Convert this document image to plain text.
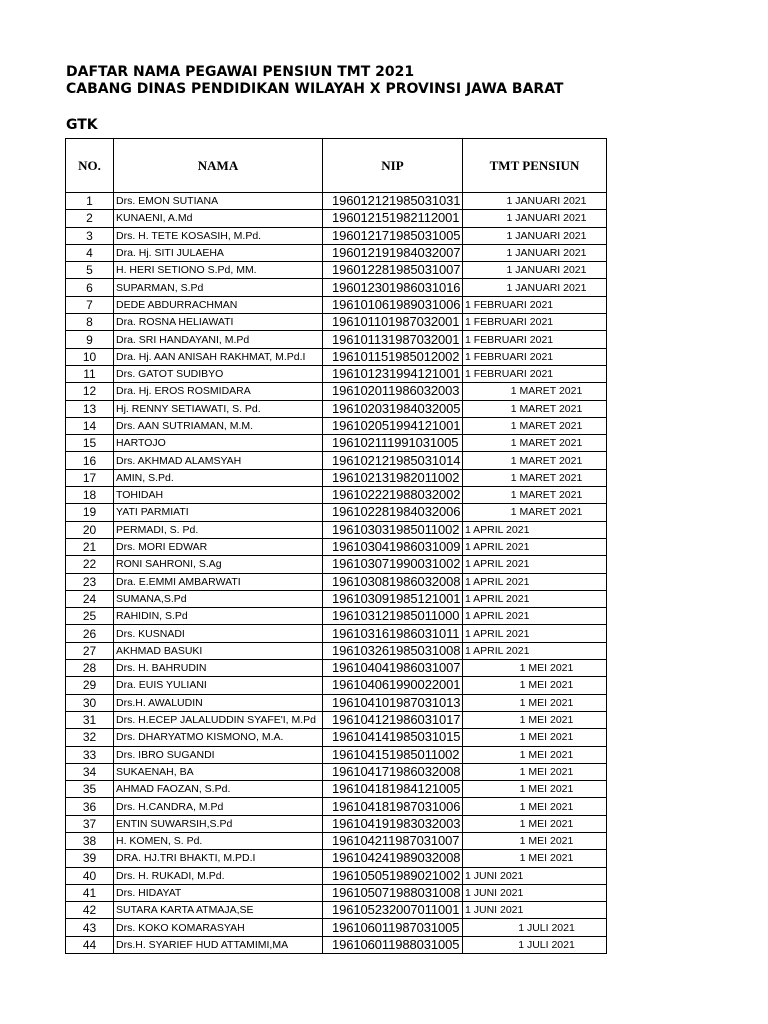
DAFTAR NAMA PEGAWAI PENSIUN TMT 2021
CABANG DINAS PENDIDIKAN WILAYAH X PROVINSI JAWA BARAT
GTK
NO.	NAMA	NIP	TMT PENSIUN
1	Drs. EMON SUTIANA	196012121985031031	1 JANUARI 2021
2	KUNAENI, A.Md	196012151982112001	1 JANUARI 2021
3	Drs. H. TETE KOSASIH, M.Pd.	196012171985031005	1 JANUARI 2021
4	Dra. Hj. SITI JULAEHA	196012191984032007	1 JANUARI 2021
5	H. HERI SETIONO S.Pd, MM.	196012281985031007	1 JANUARI 2021
6	SUPARMAN, S.Pd	196012301986031016	1 JANUARI 2021
7	DEDE ABDURRACHMAN	196101061989031006	1 FEBRUARI 2021
8	Dra. ROSNA HELIAWATI	196101101987032001	1 FEBRUARI 2021
9	Dra. SRI HANDAYANI, M.Pd	196101131987032001	1 FEBRUARI 2021
10	Dra. Hj. AAN ANISAH RAKHMAT, M.Pd.I	196101151985012002	1 FEBRUARI 2021
11	Drs. GATOT SUDIBYO	196101231994121001	1 FEBRUARI 2021
12	Dra. Hj. EROS ROSMIDARA	196102011986032003	1 MARET 2021
13	Hj. RENNY SETIAWATI, S. Pd.	196102031984032005	1 MARET 2021
14	Drs. AAN SUTRIAMAN, M.M.	196102051994121001	1 MARET 2021
15	HARTOJO	196102111991031005	1 MARET 2021
16	Drs. AKHMAD ALAMSYAH	196102121985031014	1 MARET 2021
17	AMIN, S.Pd.	196102131982011002	1 MARET 2021
18	TOHIDAH	196102221988032002	1 MARET 2021
19	YATI PARMIATI	196102281984032006	1 MARET 2021
20	PERMADI, S. Pd.	196103031985011002	1 APRIL 2021
21	Drs. MORI EDWAR	196103041986031009	1 APRIL 2021
22	RONI SAHRONI, S.Ag	196103071990031002	1 APRIL 2021
23	Dra. E.EMMI AMBARWATI	196103081986032008	1 APRIL 2021
24	SUMANA,S.Pd	196103091985121001	1 APRIL 2021
25	RAHIDIN, S.Pd	196103121985011000	1 APRIL 2021
26	Drs. KUSNADI	196103161986031011	1 APRIL 2021
27	AKHMAD BASUKI	196103261985031008	1 APRIL 2021
28	Drs. H. BAHRUDIN	196104041986031007	1 MEI 2021
29	Dra. EUIS YULIANI	196104061990022001	1 MEI 2021
30	Drs.H. AWALUDIN	196104101987031013	1 MEI 2021
31	Drs. H.ECEP JALALUDDIN SYAFE'I, M.Pd	196104121986031017	1 MEI 2021
32	Drs. DHARYATMO KISMONO, M.A.	196104141985031015	1 MEI 2021
33	Drs. IBRO SUGANDI	196104151985011002	1 MEI 2021
34	SUKAENAH, BA	196104171986032008	1 MEI 2021
35	AHMAD FAOZAN, S.Pd.	196104181984121005	1 MEI 2021
36	Drs. H.CANDRA, M.Pd	196104181987031006	1 MEI 2021
37	ENTIN SUWARSIH,S.Pd	196104191983032003	1 MEI 2021
38	H. KOMEN, S. Pd.	196104211987031007	1 MEI 2021
39	DRA. HJ.TRI BHAKTI, M.PD.I	196104241989032008	1 MEI 2021
40	Drs. H. RUKADI, M.Pd.	196105051989021002	1 JUNI 2021
41	Drs. HIDAYAT	196105071988031008	1 JUNI 2021
42	SUTARA KARTA ATMAJA,SE	196105232007011001	1 JUNI 2021
43	Drs. KOKO KOMARASYAH	196106011987031005	1 JULI 2021
44	Drs.H. SYARIEF HUD ATTAMIMI,MA	196106011988031005	1 JULI 2021
